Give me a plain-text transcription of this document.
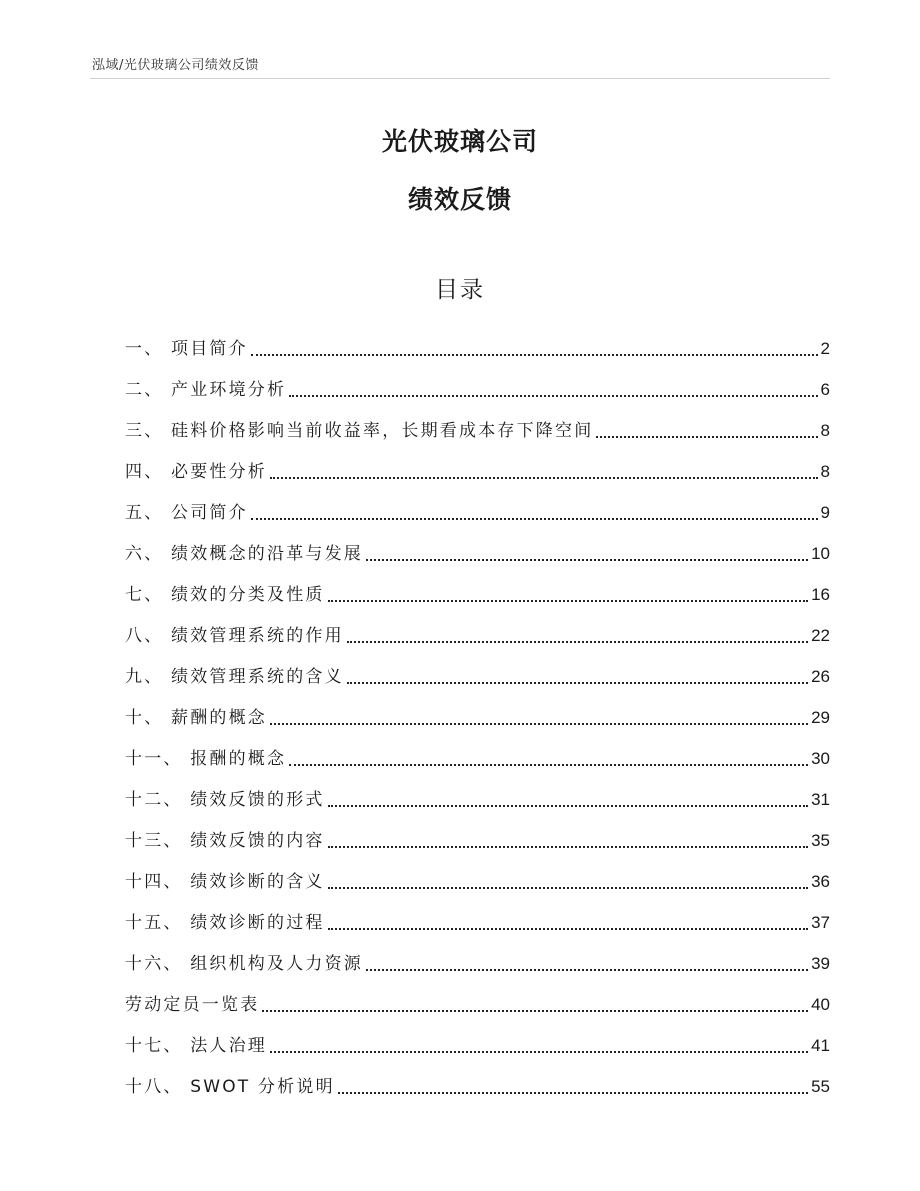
泓域/光伏玻璃公司绩效反馈
光伏玻璃公司
绩效反馈
目录
一、 项目简介	2
二、 产业环境分析	6
三、 硅料价格影响当前收益率，长期看成本存下降空间	8
四、 必要性分析	8
五、 公司简介	9
六、 绩效概念的沿革与发展	10
七、 绩效的分类及性质	16
八、 绩效管理系统的作用	22
九、 绩效管理系统的含义	26
十、 薪酬的概念	29
十一、 报酬的概念	30
十二、 绩效反馈的形式	31
十三、 绩效反馈的内容	35
十四、 绩效诊断的含义	36
十五、 绩效诊断的过程	37
十六、 组织机构及人力资源	39
劳动定员一览表	40
十七、 法人治理	41
十八、 SWOT 分析说明	55
